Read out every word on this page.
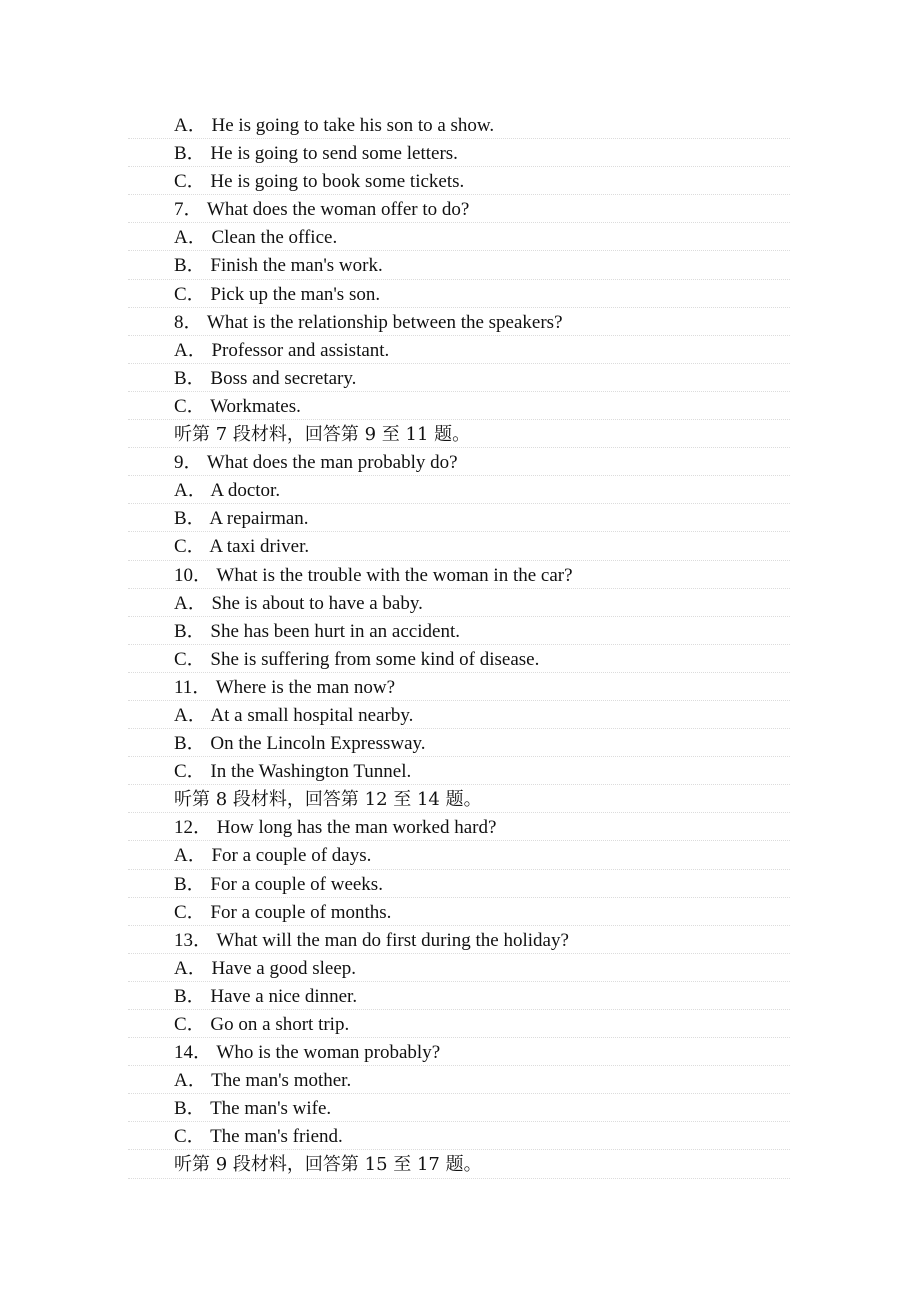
A． He is going to take his son to a show.
B． He is going to send some letters.
C． He is going to book some tickets.
7． What does the woman offer to do?
A． Clean the office.
B． Finish the man's work.
C． Pick up the man's son.
8． What is the relationship between the speakers?
A． Professor and assistant.
B． Boss and secretary.
C． Workmates.
听第 7 段材料，回答第 9 至 11 题。
9． What does the man probably do?
A． A doctor.
B． A repairman.
C． A taxi driver.
10． What is the trouble with the woman in the car?
A． She is about to have a baby.
B． She has been hurt in an accident.
C． She is suffering from some kind of disease.
11． Where is the man now?
A． At a small hospital nearby.
B． On the Lincoln Expressway.
C． In the Washington Tunnel.
听第 8 段材料，回答第 12 至 14 题。
12． How long has the man worked hard?
A． For a couple of days.
B． For a couple of weeks.
C． For a couple of months.
13． What will the man do first during the holiday?
A． Have a good sleep.
B． Have a nice dinner.
C． Go on a short trip.
14． Who is the woman probably?
A． The man's mother.
B． The man's wife.
C． The man's friend.
听第 9 段材料，回答第 15 至 17 题。
